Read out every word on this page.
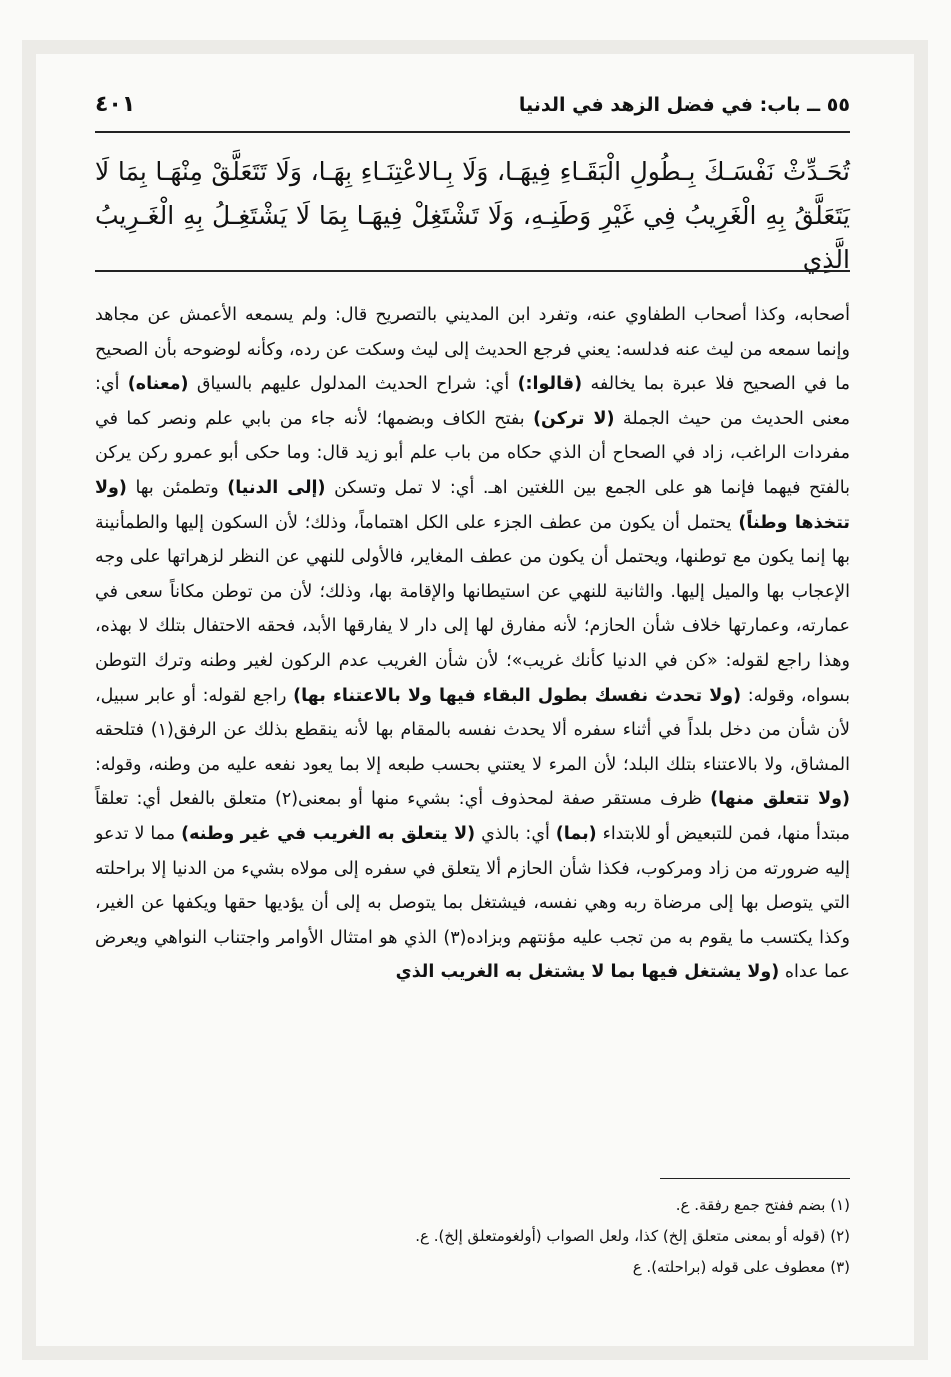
٥٥ ــ باب: في فضل الزهد في الدنيا
٤٠١
تُحَـدِّثْ نَفْسَـكَ بِـطُولِ الْبَقَـاءِ فِيهَـا، وَلَا بِـالاعْتِنَـاءِ بِهَـا، وَلَا تَتَعَلَّقْ مِنْهَـا بِمَا لَا يَتَعَلَّقُ بِهِ الْغَرِيبُ فِي غَيْرِ وَطَنِـهِ، وَلَا تَشْتَغِلْ فِيهَـا بِمَا لَا يَشْتَغِـلُ بِهِ الْغَـرِيبُ الَّذِي
أصحابه، وكذا أصحاب الطفاوي عنه، وتفرد ابن المديني بالتصريح قال: ولم يسمعه الأعمش عن مجاهد وإنما سمعه من ليث عنه فدلسه: يعني فرجع الحديث إلى ليث وسكت عن رده، وكأنه لوضوحه بأن الصحيح ما في الصحيح فلا عبرة بما يخالفه (قالوا:) أي: شراح الحديث المدلول عليهم بالسياق (معناه) أي: معنى الحديث من حيث الجملة (لا تركن) بفتح الكاف وبضمها؛ لأنه جاء من بابي علم ونصر كما في مفردات الراغب، زاد في الصحاح أن الذي حكاه من باب علم أبو زيد قال: وما حكى أبو عمرو ركن يركن بالفتح فيهما فإنما هو على الجمع بين اللغتين اهـ. أي: لا تمل وتسكن (إلى الدنيا) وتطمئن بها (ولا تتخذها وطناً) يحتمل أن يكون من عطف الجزء على الكل اهتماماً، وذلك؛ لأن السكون إليها والطمأنينة بها إنما يكون مع توطنها، ويحتمل أن يكون من عطف المغاير، فالأولى للنهي عن النظر لزهراتها على وجه الإعجاب بها والميل إليها. والثانية للنهي عن استيطانها والإقامة بها، وذلك؛ لأن من توطن مكاناً سعى في عمارته، وعمارتها خلاف شأن الحازم؛ لأنه مفارق لها إلى دار لا يفارقها الأبد، فحقه الاحتفال بتلك لا بهذه، وهذا راجع لقوله: «كن في الدنيا كأنك غريب»؛ لأن شأن الغريب عدم الركون لغير وطنه وترك التوطن بسواه، وقوله: (ولا تحدث نفسك بطول البقاء فيها ولا بالاعتناء بها) راجع لقوله: أو عابر سبيل، لأن شأن من دخل بلداً في أثناء سفره ألا يحدث نفسه بالمقام بها لأنه ينقطع بذلك عن الرفق(١) فتلحقه المشاق، ولا بالاعتناء بتلك البلد؛ لأن المرء لا يعتني بحسب طبعه إلا بما يعود نفعه عليه من وطنه، وقوله: (ولا تتعلق منها) ظرف مستقر صفة لمحذوف أي: بشيء منها أو بمعنى(٢) متعلق بالفعل أي: تعلقاً مبتدأ منها، فمن للتبعيض أو للابتداء (بما) أي: بالذي (لا يتعلق به الغريب في غير وطنه) مما لا تدعو إليه ضرورته من زاد ومركوب، فكذا شأن الحازم ألا يتعلق في سفره إلى مولاه بشيء من الدنيا إلا براحلته التي يتوصل بها إلى مرضاة ربه وهي نفسه، فيشتغل بما يتوصل به إلى أن يؤديها حقها ويكفها عن الغير، وكذا يكتسب ما يقوم به من تجب عليه مؤنتهم وبزاده(٣) الذي هو امتثال الأوامر واجتناب النواهي ويعرض عما عداه (ولا يشتغل فيها بما لا يشتغل به الغريب الذي
(١) بضم ففتح جمع رفقة. ع.
(٢) (قوله أو بمعنى متعلق إلخ) كذا، ولعل الصواب (أولغومتعلق إلخ). ع.
(٣) معطوف على قوله (براحلته). ع
